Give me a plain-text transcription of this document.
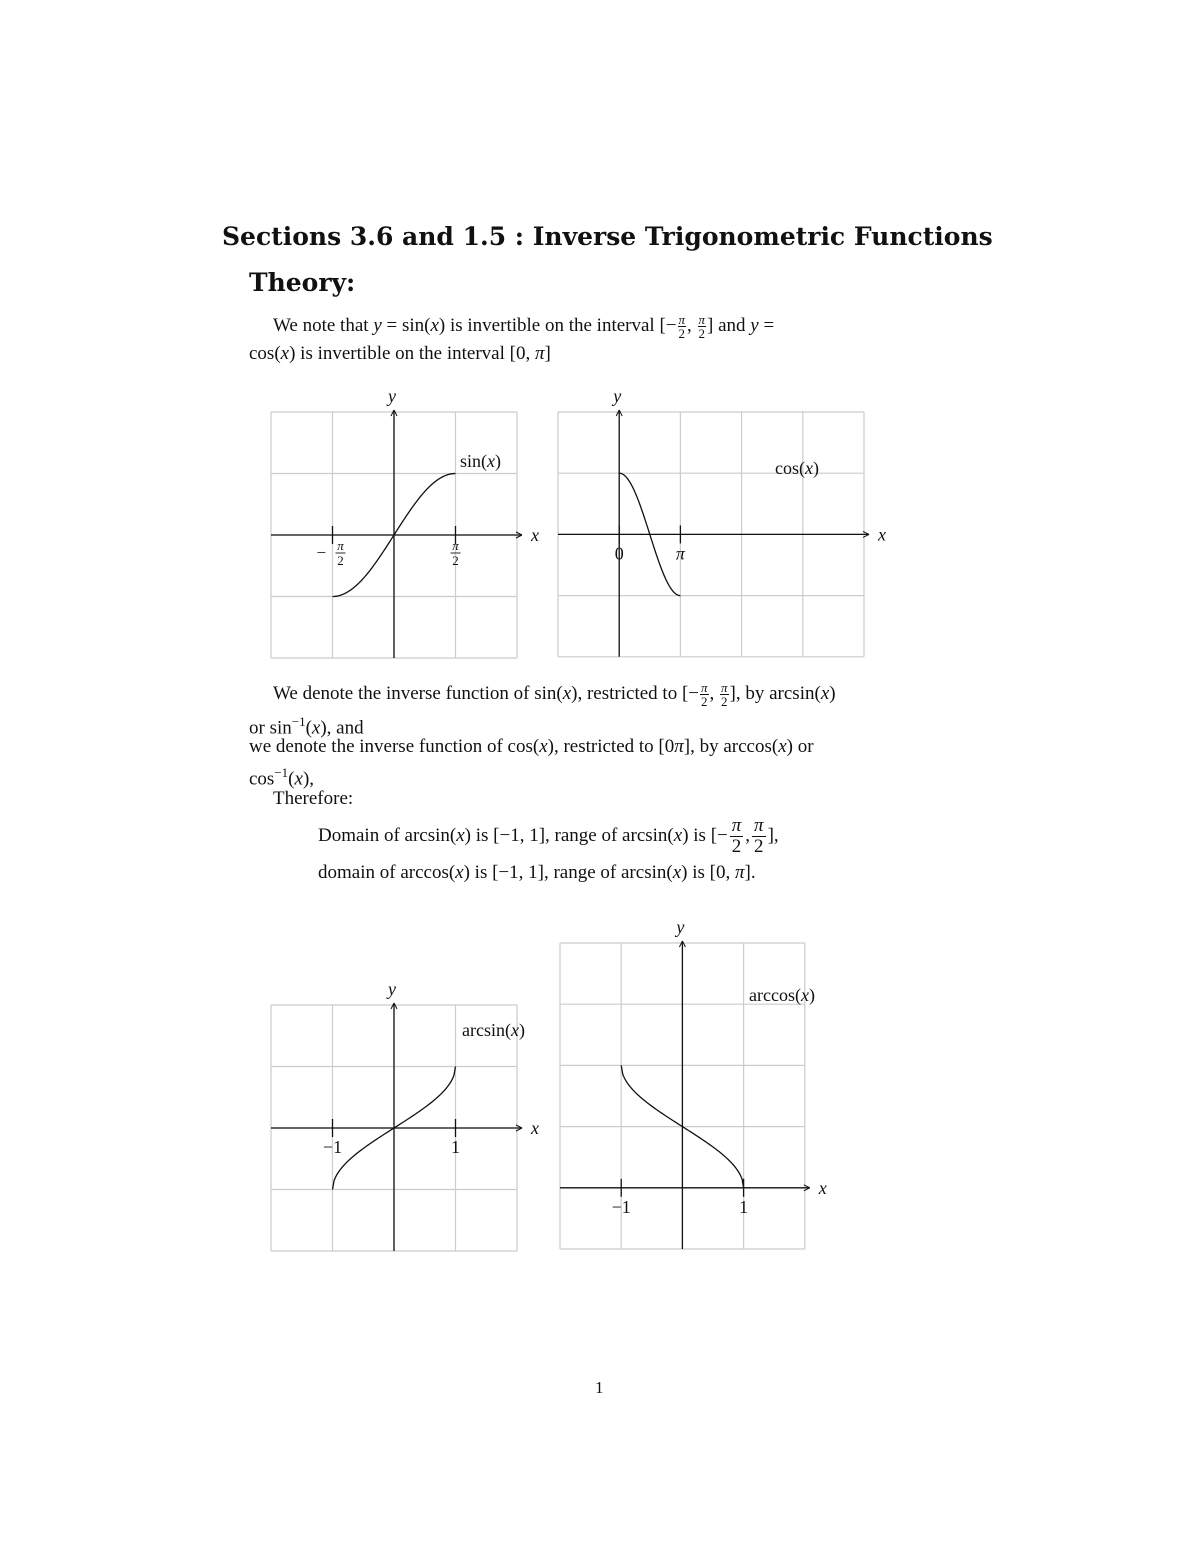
Sections 3.6 and 1.5 : Inverse Trigonometric Functions
Theory:
We note that y = sin(x) is invertible on the interval [− $\frac{\pi}{2}$ , $\frac{\pi}{2}$ ] and y =
cos(x) is invertible on the interval [0, π]
x
y
− π
2
π
2
sin(x)
x
y
0	π
cos(x)
We denote the inverse function of sin(x), restricted to [− $\frac{\pi}{2}$ , $\frac{\pi}{2}$ ], by arcsin(x)
or $\sin^{-1}(x)$, and
we denote the inverse function of cos(x), restricted to [0π], by arccos(x) or
$\cos^{-1}(x)$,
Therefore:
Domain of arcsin(x) is [−1, 1], range of arcsin(x) is [− $\frac{\pi}{2}$ , $\frac{\pi}{2}$ ],
domain of arccos(x) is [−1, 1], range of arcsin(x) is [0, π].
x
y
−1	1
arcsin(x)
x
y
−1	1
arccos(x)
1
